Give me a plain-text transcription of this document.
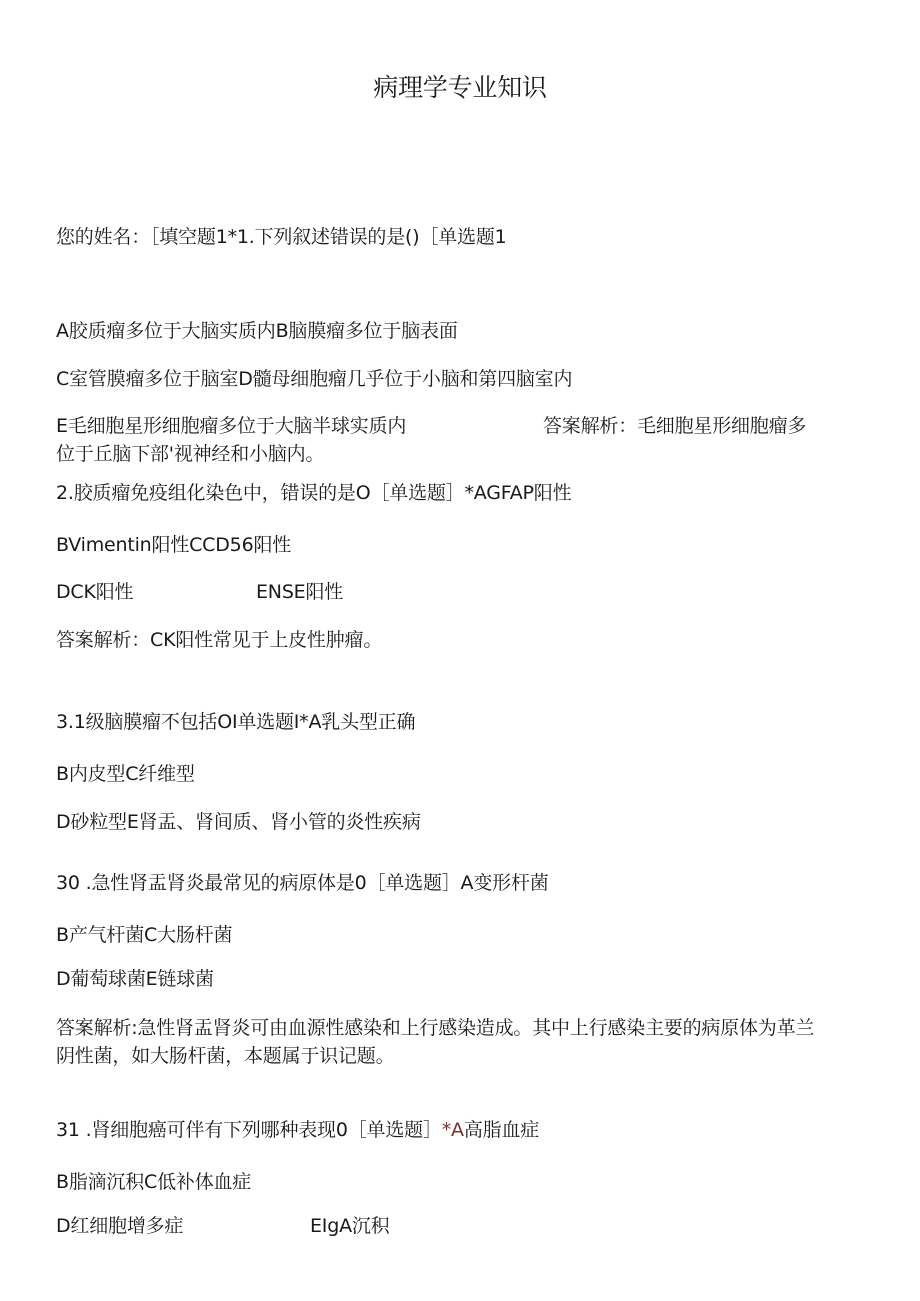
病理学专业知识
您的姓名：［填空题1*1.下列叙述错误的是()［单选题1
A胶质瘤多位于大脑实质内B脑膜瘤多位于脑表面
C室管膜瘤多位于脑室D髓母细胞瘤几乎位于小脑和第四脑室内
E毛细胞星形细胞瘤多位于大脑半球实质内	答案解析：毛细胞星形细胞瘤多
位于丘脑下部'视神经和小脑内。
2.胶质瘤免疫组化染色中，错误的是O［单选题］*AGFAP阳性
BVimentin阳性CCD56阳性
DCK阳性	ENSE阳性
答案解析：CK阳性常见于上皮性肿瘤。
3.1级脑膜瘤不包括OI单选题I*A乳头型正确
B内皮型C纤维型
D砂粒型E肾盂、肾间质、肾小管的炎性疾病
30 .急性肾盂肾炎最常见的病原体是0［单选题］A变形杆菌
B产气杆菌C大肠杆菌
D葡萄球菌E链球菌
答案解析:急性肾盂肾炎可由血源性感染和上行感染造成。其中上行感染主要的病原体为革兰
阴性菌，如大肠杆菌，本题属于识记题。
31 .肾细胞癌可伴有下列哪种表现0［单选题］*A高脂血症
B脂滴沉积C低补体血症
D红细胞增多症	EIgA沉积
